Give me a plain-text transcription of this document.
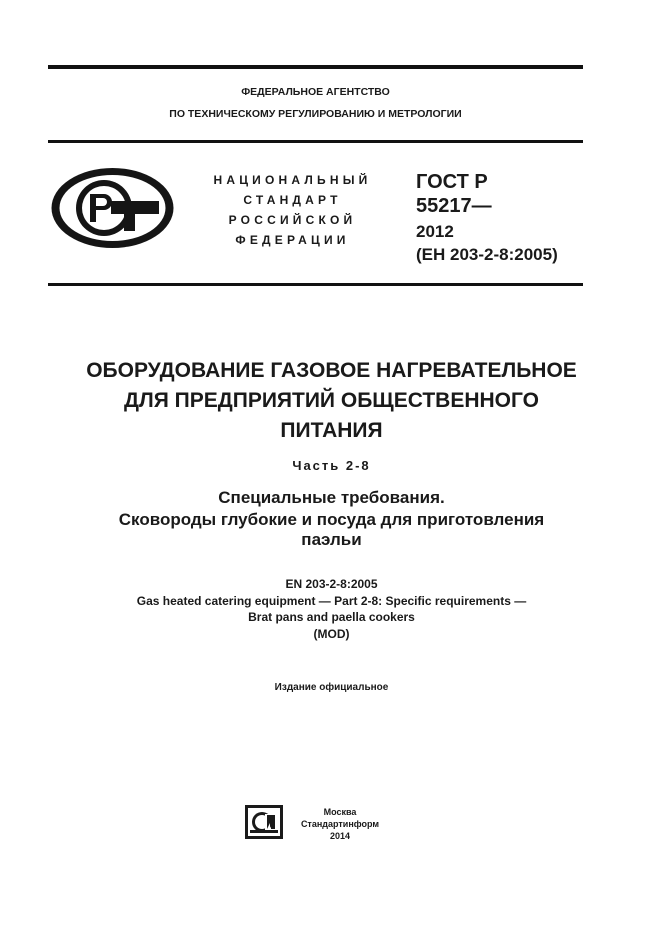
ФЕДЕРАЛЬНОЕ АГЕНТСТВО
ПО ТЕХНИЧЕСКОМУ РЕГУЛИРОВАНИЮ И МЕТРОЛОГИИ
НАЦИОНАЛЬНЫЙ
СТАНДАРТ
РОССИЙСКОЙ
ФЕДЕРАЦИИ
ГОСТ Р
55217—
2012
(ЕН 203-2-8:2005)
ОБОРУДОВАНИЕ ГАЗОВОЕ НАГРЕВАТЕЛЬНОЕ
ДЛЯ ПРЕДПРИЯТИЙ ОБЩЕСТВЕННОГО
ПИТАНИЯ
Часть 2-8
Специальные требования.
Сковороды глубокие и посуда для приготовления
паэльи
EN 203-2-8:2005
Gas heated catering equipment — Part 2-8: Specific requirements —
Brat pans and paella cookers
(MOD)
Издание официальное
Москва
Стандартинформ
2014
